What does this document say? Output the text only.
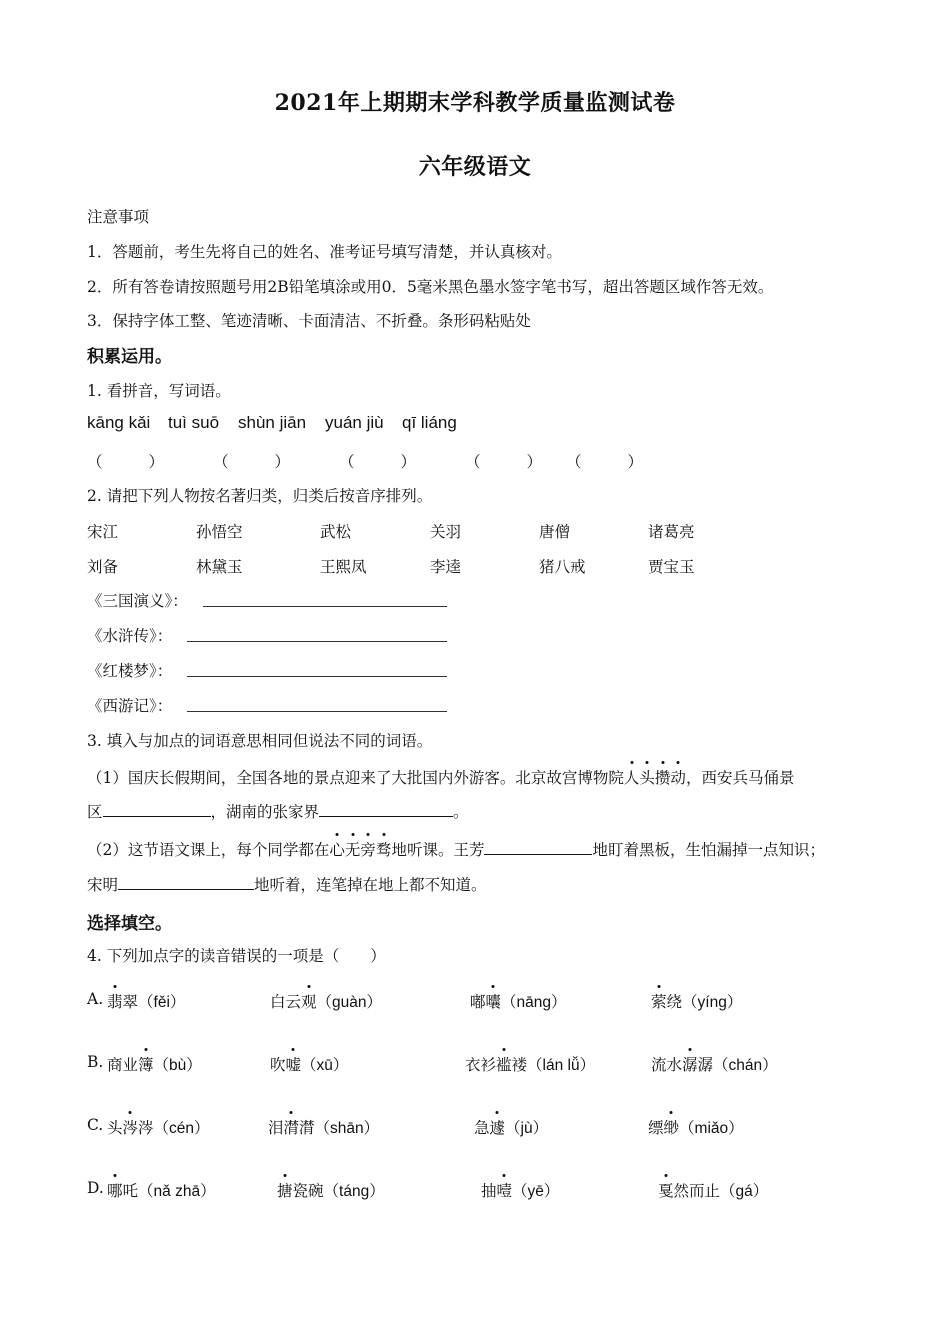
2021年上期期末学科教学质量监测试卷
六年级语文
注意事项
1．答题前，考生先将自己的姓名、准考证号填写清楚，并认真核对。
2．所有答卷请按照题号用2B铅笔填涂或用0．5毫米黑色墨水签字笔书写，超出答题区域作答无效。
3．保持字体工整、笔迹清晰、卡面清洁、不折叠。条形码粘贴处
积累运用。
1. 看拼音，写词语。
kāng kǎi tuì suō shùn jiān yuán jiù qī liáng
（	）	（	）	（	）	（	） （	）
2. 请把下列人物按名著归类，归类后按音序排列。
宋江	孙悟空	武松	关羽	唐僧	诸葛亮
刘备	林黛玉	王熙凤	李逵	猪八戒	贾宝玉
《三国演义》：
《水浒传》：
《红楼梦》：
《西游记》：
3. 填入与加点的词语意思相同但说法不同的词语。
（1）国庆长假期间，全国各地的景点迎来了大批国内外游客。北京故宫博物院人头攒动，西安兵马俑景
区	，湖南的张家界	。
（2）这节语文课上，每个同学都在心无旁骛地听课。王芳	地盯着黑板，生怕漏掉一点知识；
宋明	地听着，连笔掉在地上都不知道。
选择填空。
4. 下列加点字的读音错误的一项是（　　）
A. 翡翠（fěi）	白云观（guàn）	嘟囔（nāng）	萦绕（yíng）
B. 商业簿（bù）	吹嘘（xū）	衣衫褴褛（lán lǚ）	流水潺潺（chán）
C. 头涔涔（cén）	泪潸潸（shān）	急遽（jù）	缥缈（miǎo）
D. 哪吒（nǎ zhā）	搪瓷碗（táng）	抽噎（yē）	戛然而止（gá）
